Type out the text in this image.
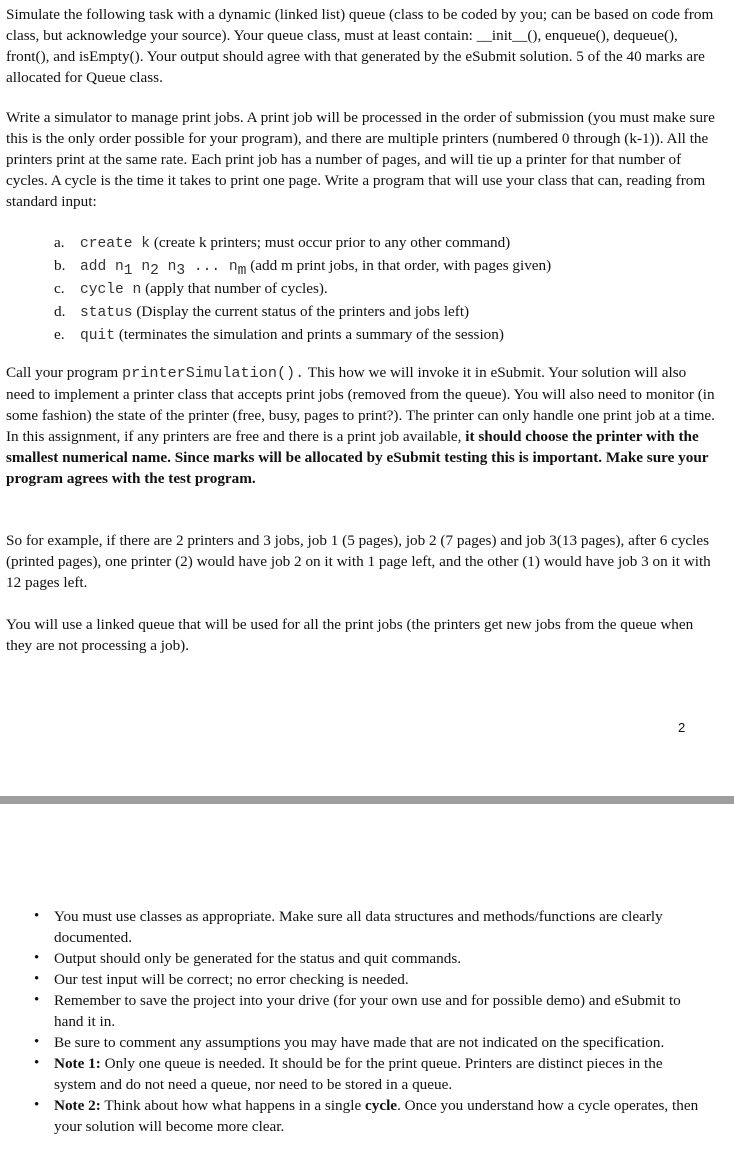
Simulate the following task with a dynamic (linked list) queue (class to be coded by you; can be based on code from class, but acknowledge your source). Your queue class, must at least contain: __init__(), enqueue(), dequeue(), front(), and isEmpty(). Your output should agree with that generated by the eSubmit solution. 5 of the 40 marks are allocated for Queue class.

Write a simulator to manage print jobs. A print job will be processed in the order of submission (you must make sure this is the only order possible for your program), and there are multiple printers (numbered 0 through (k-1)). All the printers print at the same rate. Each print job has a number of pages, and will tie up a printer for that number of cycles. A cycle is the time it takes to print one page. Write a program that will use your class that can, reading from standard input:

a. create k (create k printers; must occur prior to any other command)
b. add $n_1$ $n_2$ $n_3$ ... $n_m$ (add m print jobs, in that order, with pages given)
c. cycle n (apply that number of cycles).
d. status (Display the current status of the printers and jobs left)
e. quit (terminates the simulation and prints a summary of the session)

Call your program printerSimulation(). This how we will invoke it in eSubmit. Your solution will also need to implement a printer class that accepts print jobs (removed from the queue). You will also need to monitor (in some fashion) the state of the printer (free, busy, pages to print?). The printer can only handle one print job at a time. In this assignment, if any printers are free and there is a print job available, it should choose the printer with the smallest numerical name. Since marks will be allocated by eSubmit testing this is important. Make sure your program agrees with the test program.

So for example, if there are 2 printers and 3 jobs, job 1 (5 pages), job 2 (7 pages) and job 3(13 pages), after 6 cycles (printed pages), one printer (2) would have job 2 on it with 1 page left, and the other (1) would have job 3 on it with 12 pages left.

You will use a linked queue that will be used for all the print jobs (the printers get new jobs from the queue when they are not processing a job).

2
• You must use classes as appropriate. Make sure all data structures and methods/functions are clearly documented.
• Output should only be generated for the status and quit commands.
• Our test input will be correct; no error checking is needed.
• Remember to save the project into your drive (for your own use and for possible demo) and eSubmit to hand it in.
• Be sure to comment any assumptions you may have made that are not indicated on the specification.
• Note 1: Only one queue is needed. It should be for the print queue. Printers are distinct pieces in the system and do not need a queue, nor need to be stored in a queue.
• Note 2: Think about how what happens in a single cycle. Once you understand how a cycle operates, then your solution will become more clear.
